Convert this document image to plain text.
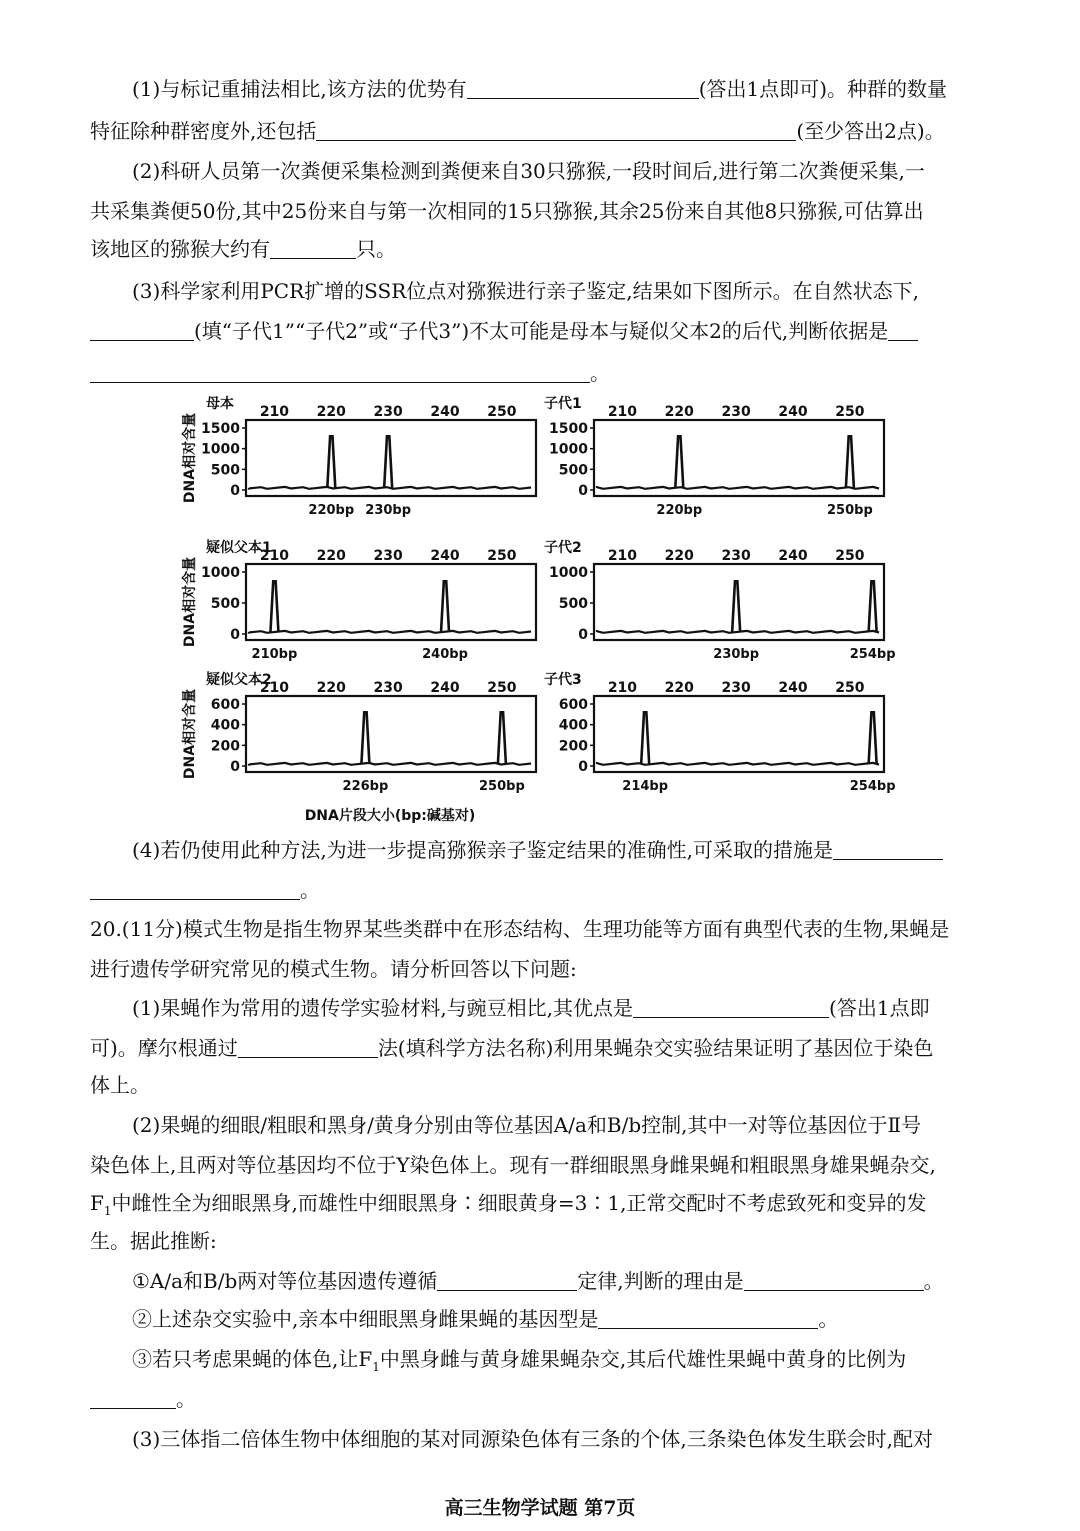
(1)与标记重捕法相比,该方法的优势有	(答出1点即可)。种群的数量
特征除种群密度外,还包括	(至少答出2点)。
(2)科研人员第一次粪便采集检测到粪便来自30只猕猴,一段时间后,进行第二次粪便采集,一
共采集粪便50份,其中25份来自与第一次相同的15只猕猴,其余25份来自其他8只猕猴,可估算出
该地区的猕猴大约有	只。
(3)科学家利用PCR扩增的SSR位点对猕猴进行亲子鉴定,结果如下图所示。在自然状态下,
(填“子代1”“子代2”或“子代3”)不太可能是母本与疑似父本2的后代,判断依据是
。
母本 210 220 230 240 250
0
500
1000
1500
220bp 230bp
子代1 210 220 230 240 250
0
500
1000
1500
220bp	250bp
疑似父本1
210 220 230 240 250
0
500
1000
210bp	240bp
子代2 210 220 230 240 250
0
500
1000
230bp	254bp
疑似父本2
210 220 230 240 250
0
200
400
600
226bp	250bp
子代3 210 220 230 240 250
0
200
400
600
214bp	254bp
DNA相对含量
DNA相对含量
DNA相对含量
DNA片段大小(bp:碱基对)
(4)若仍使用此种方法,为进一步提高猕猴亲子鉴定结果的准确性,可采取的措施是
。
20.(11分)模式生物是指生物界某些类群中在形态结构、生理功能等方面有典型代表的生物,果蝇是
进行遗传学研究常见的模式生物。请分析回答以下问题:
(1)果蝇作为常用的遗传学实验材料,与豌豆相比,其优点是	(答出1点即
可)。摩尔根通过	法(填科学方法名称)利用果蝇杂交实验结果证明了基因位于染色
体上。
(2)果蝇的细眼/粗眼和黑身/黄身分别由等位基因A/a和B/b控制,其中一对等位基因位于Ⅱ号
染色体上,且两对等位基因均不位于Y染色体上。现有一群细眼黑身雌果蝇和粗眼黑身雄果蝇杂交,
$F_1$中雌性全为细眼黑身,而雄性中细眼黑身∶细眼黄身=3∶1,正常交配时不考虑致死和变异的发
生。据此推断:
①A/a和B/b两对等位基因遗传遵循	定律,判断的理由是	。
②上述杂交实验中,亲本中细眼黑身雌果蝇的基因型是	。
③若只考虑果蝇的体色,让$F_1$中黑身雌与黄身雄果蝇杂交,其后代雄性果蝇中黄身的比例为
。
(3)三体指二倍体生物中体细胞的某对同源染色体有三条的个体,三条染色体发生联会时,配对
高三生物学试题 第7页
